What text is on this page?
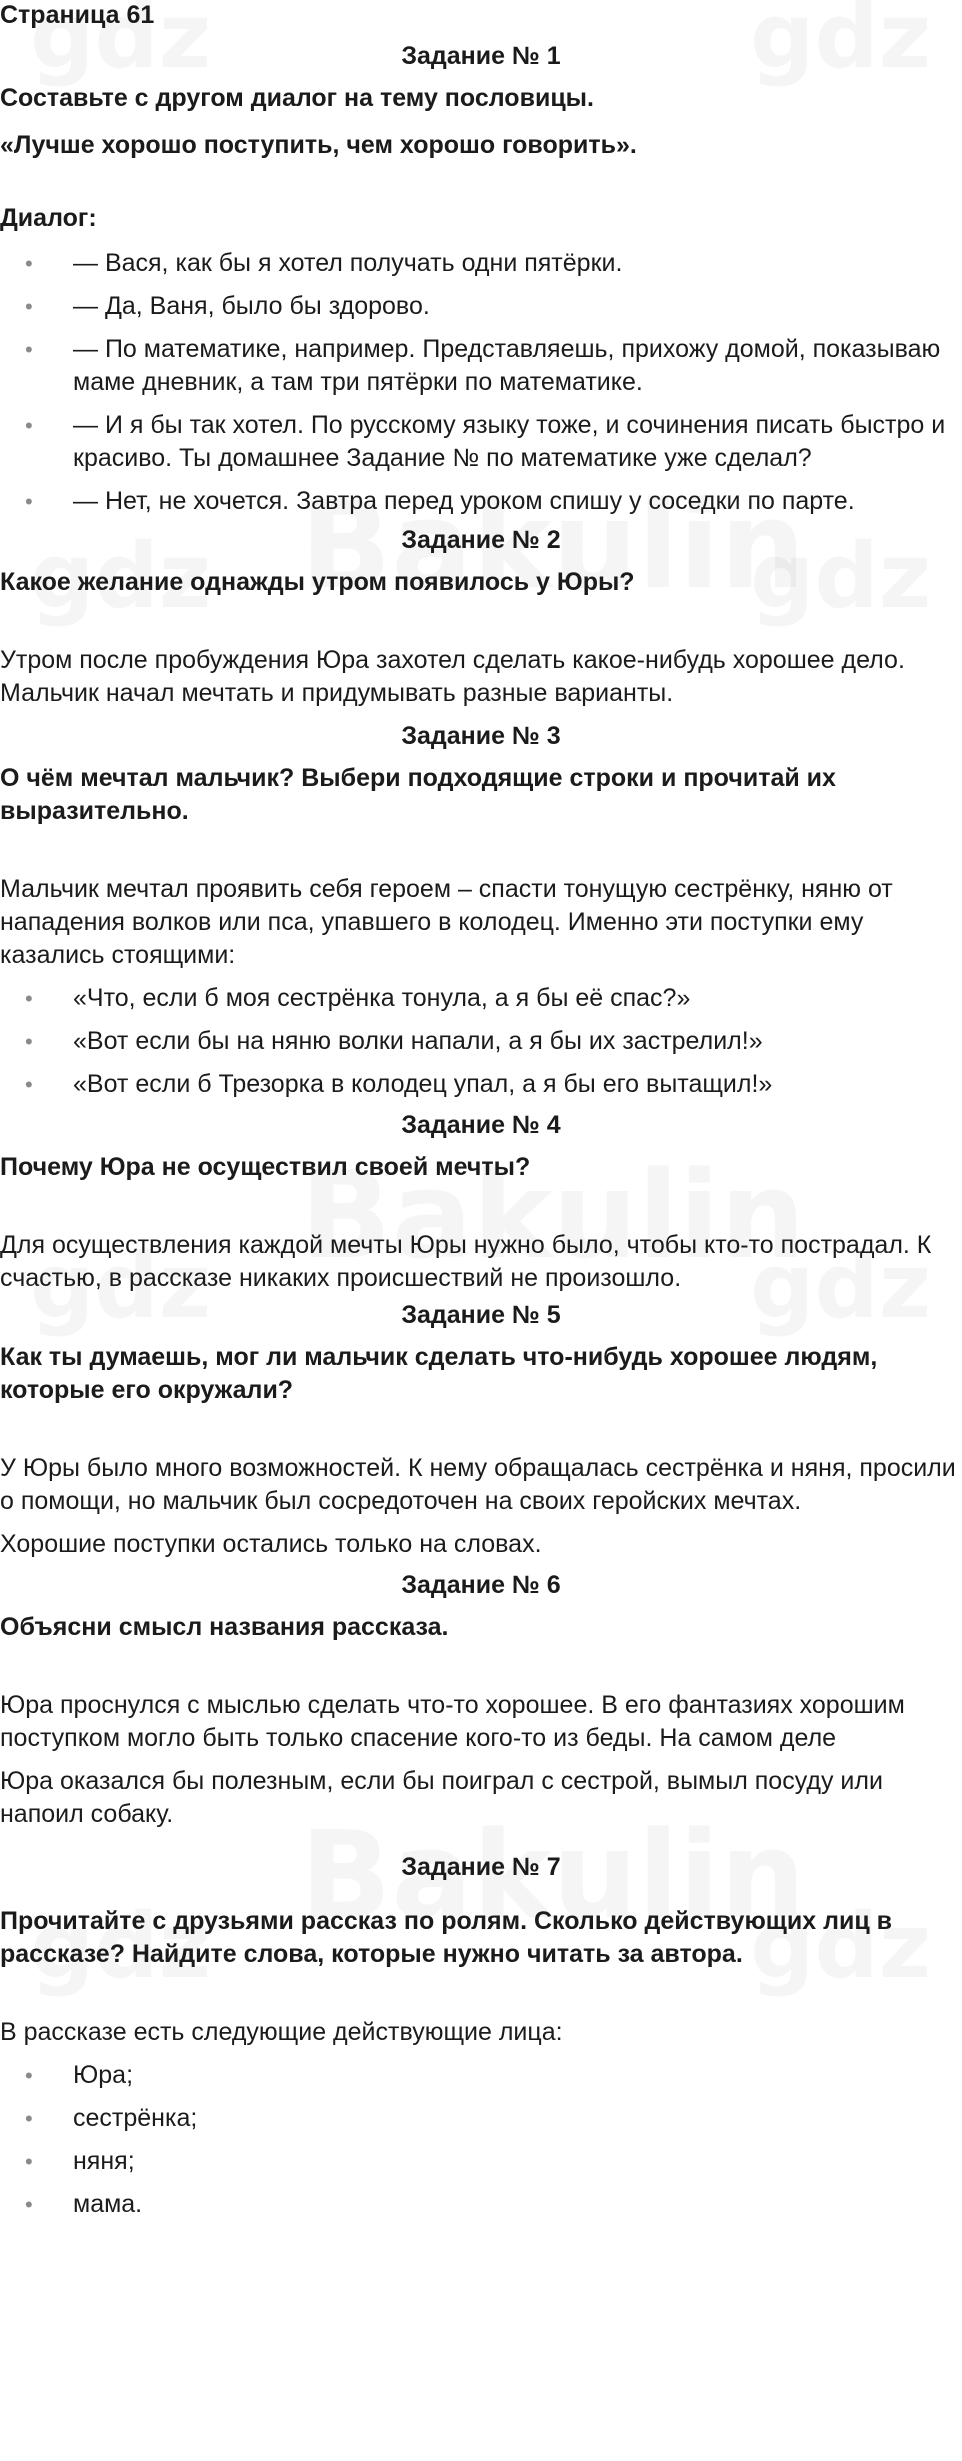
Страница 61
Задание № 1

Составьте с другом диалог на тему пословицы.

«Лучше хорошо поступить, чем хорошо говорить».

Диалог:

• — Вася, как бы я хотел получать одни пятёрки.
• — Да, Ваня, было бы здорово.
• — По математике, например. Представляешь, прихожу домой, показываю маме дневник, а там три пятёрки по математике.
• — И я бы так хотел. По русскому языку тоже, и сочинения писать быстро и красиво. Ты домашнее Задание № по математике уже сделал?
• — Нет, не хочется. Завтра перед уроком спишу у соседки по парте.
Задание № 2

Какое желание однажды утром появилось у Юры?

Утром после пробуждения Юра захотел сделать какое-нибудь хорошее дело. Мальчик начал мечтать и придумывать разные варианты.

Задание № 3

О чём мечтал мальчик? Выбери подходящие строки и прочитай их выразительно.

Мальчик мечтал проявить себя героем – спасти тонущую сестрёнку, няню от нападения волков или пса, упавшего в колодец. Именно эти поступки ему казались стоящими:

• «Что, если б моя сестрёнка тонула, а я бы её спас?»
• «Вот если бы на няню волки напали, а я бы их застрелил!»
• «Вот если б Трезорка в колодец упал, а я бы его вытащил!»
Задание № 4

Почему Юра не осуществил своей мечты?

Для осуществления каждой мечты Юры нужно было, чтобы кто-то пострадал. К счастью, в рассказе никаких происшествий не произошло.

Задание № 5

Как ты думаешь, мог ли мальчик сделать что-нибудь хорошее людям, которые его окружали?

У Юры было много возможностей. К нему обращалась сестрёнка и няня, просили о помощи, но мальчик был сосредоточен на своих геройских мечтах.

Хорошие поступки остались только на словах.

Задание № 6

Объясни смысл названия рассказа.

Юра проснулся с мыслью сделать что-то хорошее. В его фантазиях хорошим поступком могло быть только спасение кого-то из беды. На самом деле

Юра оказался бы полезным, если бы поиграл с сестрой, вымыл посуду или напоил собаку.

Задание № 7

Прочитайте с друзьями рассказ по ролям. Сколько действующих лиц в рассказе? Найдите слова, которые нужно читать за автора.

В рассказе есть следующие действующие лица:

• Юра;
• сестрёнка;
• няня;
• мама.
